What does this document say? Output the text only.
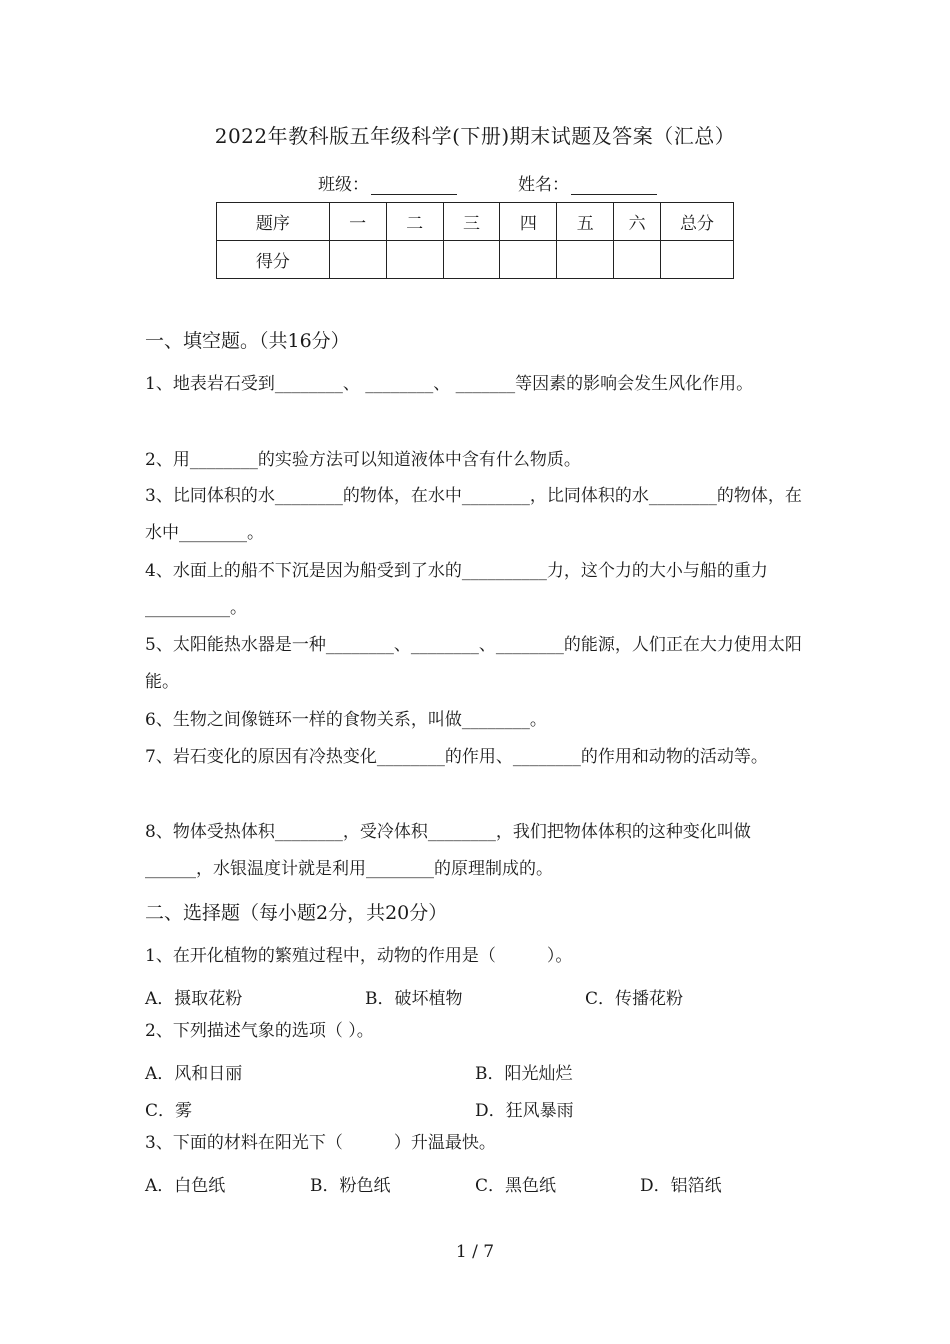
2022年教科版五年级科学(下册)期末试题及答案（汇总）
班级：	姓名：
题序	一	二	三	四	五	六	总分
得分							
一、填空题。（共16分）
1、地表岩石受到________、 ________、 _______等因素的影响会发生风化作用。
2、用________的实验方法可以知道液体中含有什么物质。
3、比同体积的水________的物体，在水中________，比同体积的水________的物体，在水中________。
4、水面上的船不下沉是因为船受到了水的__________力，这个力的大小与船的重力__________。
5、太阳能热水器是一种________、________、________的能源，人们正在大力使用太阳能。
6、生物之间像链环一样的食物关系，叫做________。
7、岩石变化的原因有冷热变化________的作用、________的作用和动物的活动等。
8、物体受热体积________，受冷体积________，我们把物体体积的这种变化叫做______，水银温度计就是利用________的原理制成的。
二、选择题（每小题2分，共20分）
1、在开化植物的繁殖过程中，动物的作用是（　　　）。
A．摄取花粉	B．破坏植物	C．传播花粉
2、下列描述气象的选项（ ）。
A．风和日丽	B．阳光灿烂
C．雾	D．狂风暴雨
3、下面的材料在阳光下（　　　）升温最快。
A．白色纸	B．粉色纸	C．黑色纸	D．铝箔纸
1 / 7
